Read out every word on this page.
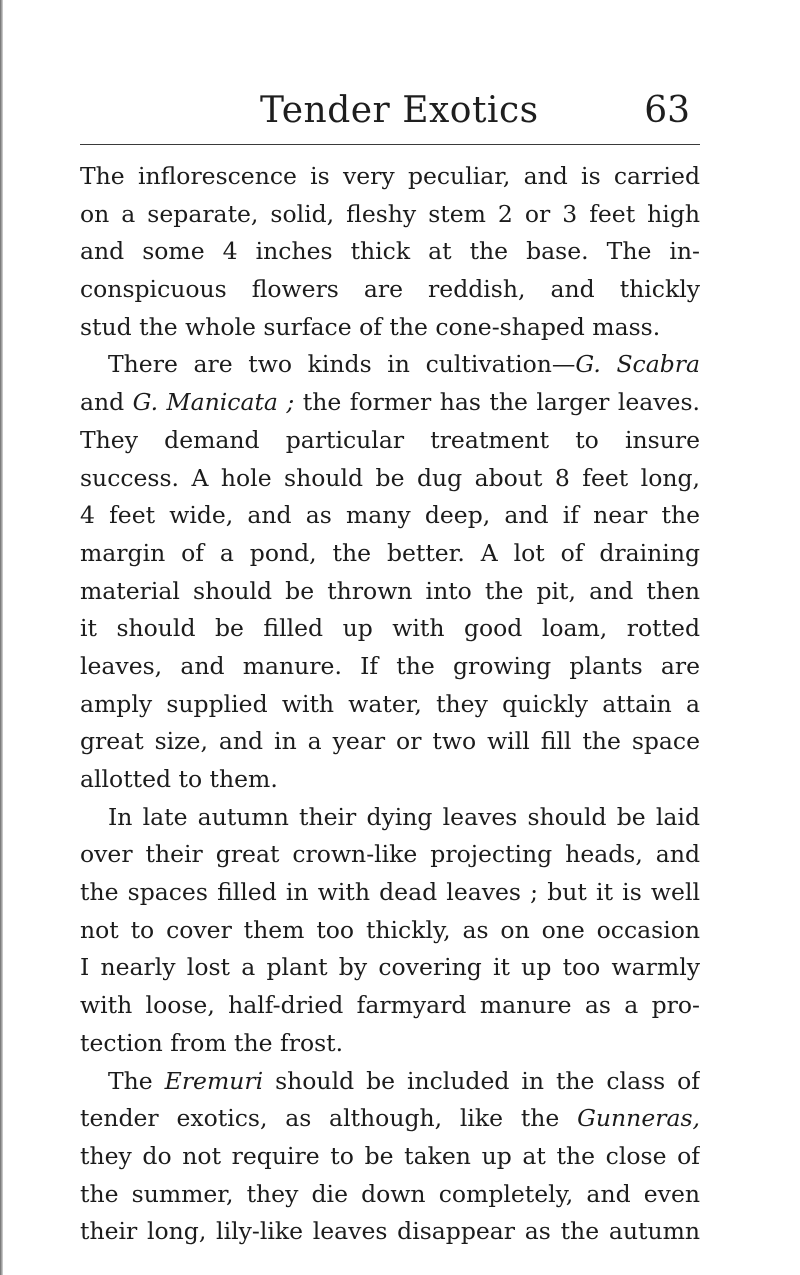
Tender Exotics	63
The inflorescence is very peculiar, and is carried
on a separate, solid, fleshy stem 2 or 3 feet high
and some 4 inches thick at the base. The in-
conspicuous flowers are reddish, and thickly
stud the whole surface of the cone-shaped mass.
There are two kinds in cultivation—G. Scabra
and G. Manicata ; the former has the larger leaves.
They demand particular treatment to insure
success. A hole should be dug about 8 feet long,
4 feet wide, and as many deep, and if near the
margin of a pond, the better. A lot of draining
material should be thrown into the pit, and then
it should be filled up with good loam, rotted
leaves, and manure. If the growing plants are
amply supplied with water, they quickly attain a
great size, and in a year or two will fill the space
allotted to them.
In late autumn their dying leaves should be laid
over their great crown-like projecting heads, and
the spaces filled in with dead leaves ; but it is well
not to cover them too thickly, as on one occasion
I nearly lost a plant by covering it up too warmly
with loose, half-dried farmyard manure as a pro-
tection from the frost.
The Eremuri should be included in the class of
tender exotics, as although, like the Gunneras,
they do not require to be taken up at the close of
the summer, they die down completely, and even
their long, lily-like leaves disappear as the autumn
